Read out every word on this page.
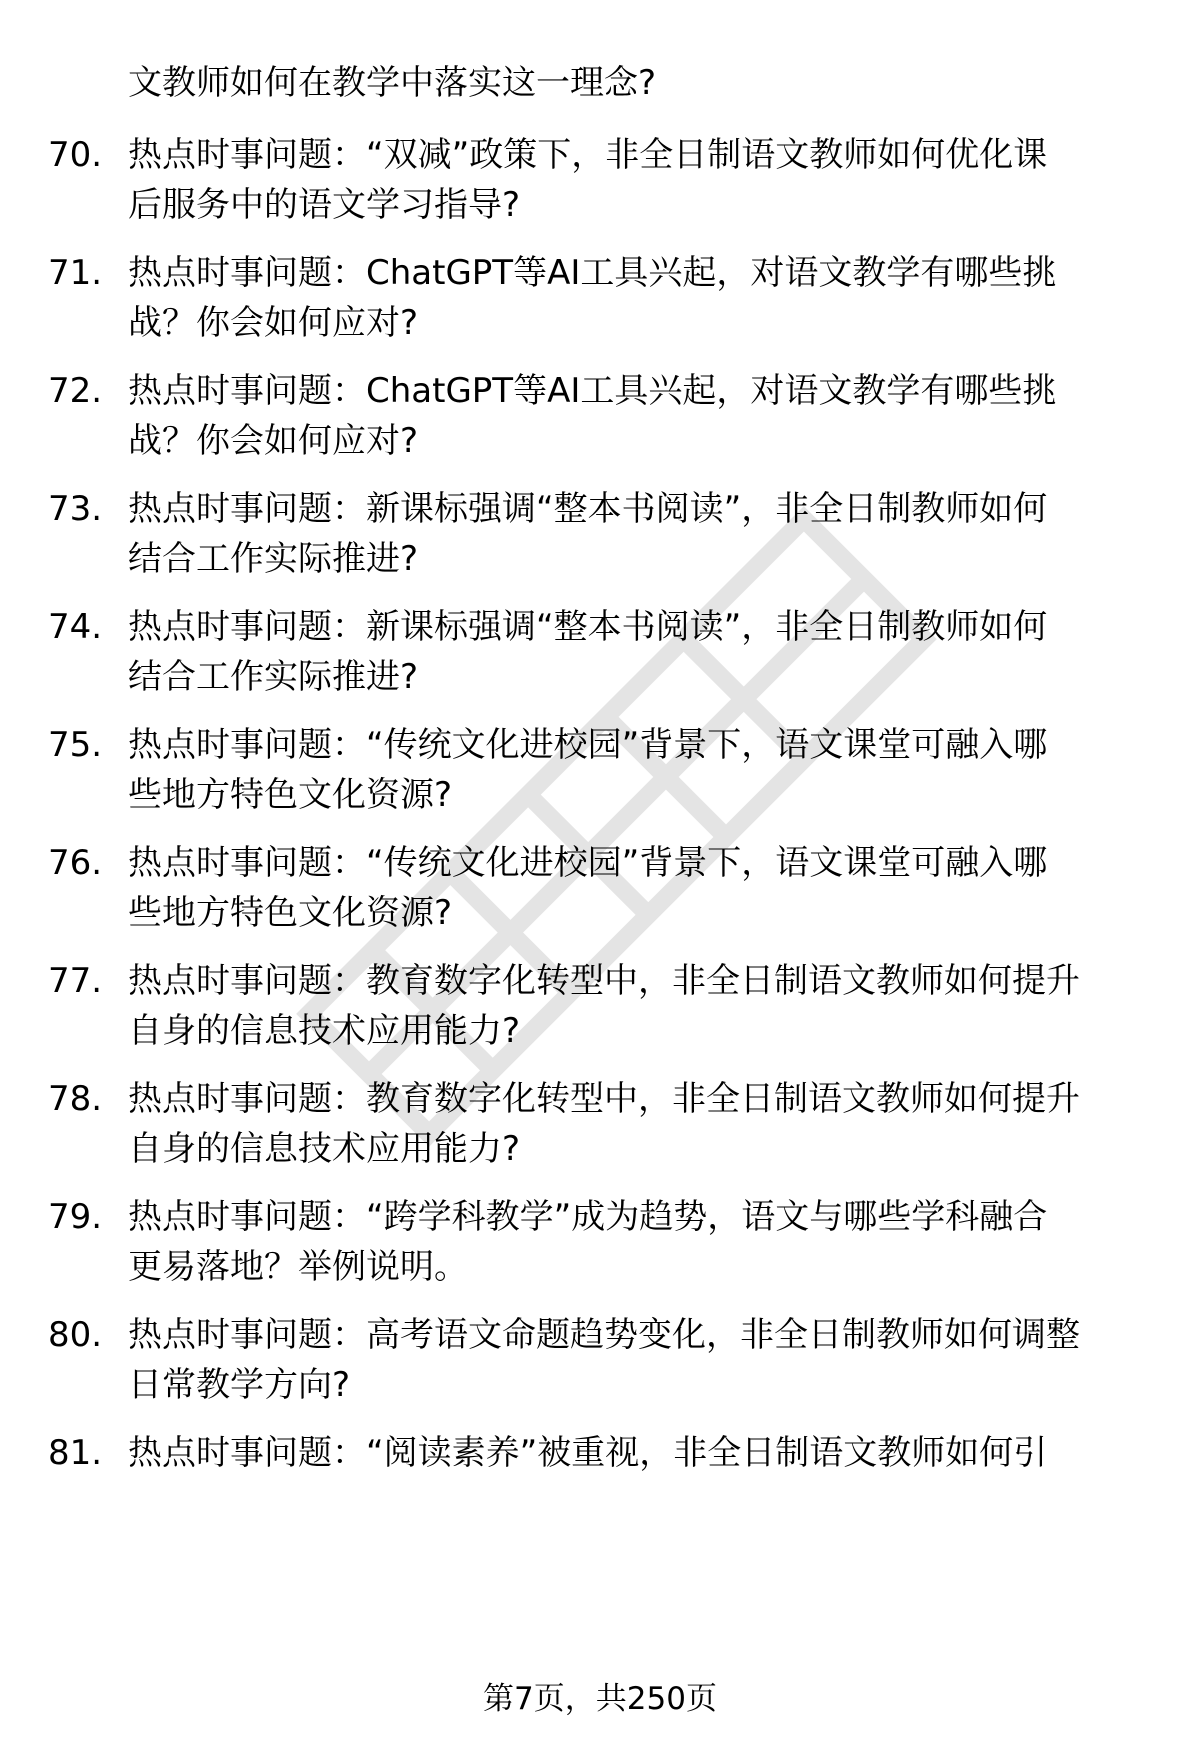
文教师如何在教学中落实这一理念?
70. 热点时事问题：“双减”政策下，非全日制语文教师如何优化课
后服务中的语文学习指导?
71. 热点时事问题：ChatGPT等AI工具兴起，对语文教学有哪些挑
战？你会如何应对?
72. 热点时事问题：ChatGPT等AI工具兴起，对语文教学有哪些挑
战？你会如何应对?
73. 热点时事问题：新课标强调“整本书阅读”，非全日制教师如何
结合工作实际推进?
74. 热点时事问题：新课标强调“整本书阅读”，非全日制教师如何
结合工作实际推进?
75. 热点时事问题：“传统文化进校园”背景下，语文课堂可融入哪
些地方特色文化资源?
76. 热点时事问题：“传统文化进校园”背景下，语文课堂可融入哪
些地方特色文化资源?
77. 热点时事问题：教育数字化转型中，非全日制语文教师如何提升
自身的信息技术应用能力?
78. 热点时事问题：教育数字化转型中，非全日制语文教师如何提升
自身的信息技术应用能力?
79. 热点时事问题：“跨学科教学”成为趋势，语文与哪些学科融合
更易落地？举例说明。
80. 热点时事问题：高考语文命题趋势变化，非全日制教师如何调整
日常教学方向?
81. 热点时事问题：“阅读素养”被重视，非全日制语文教师如何引
第7页，共250页
